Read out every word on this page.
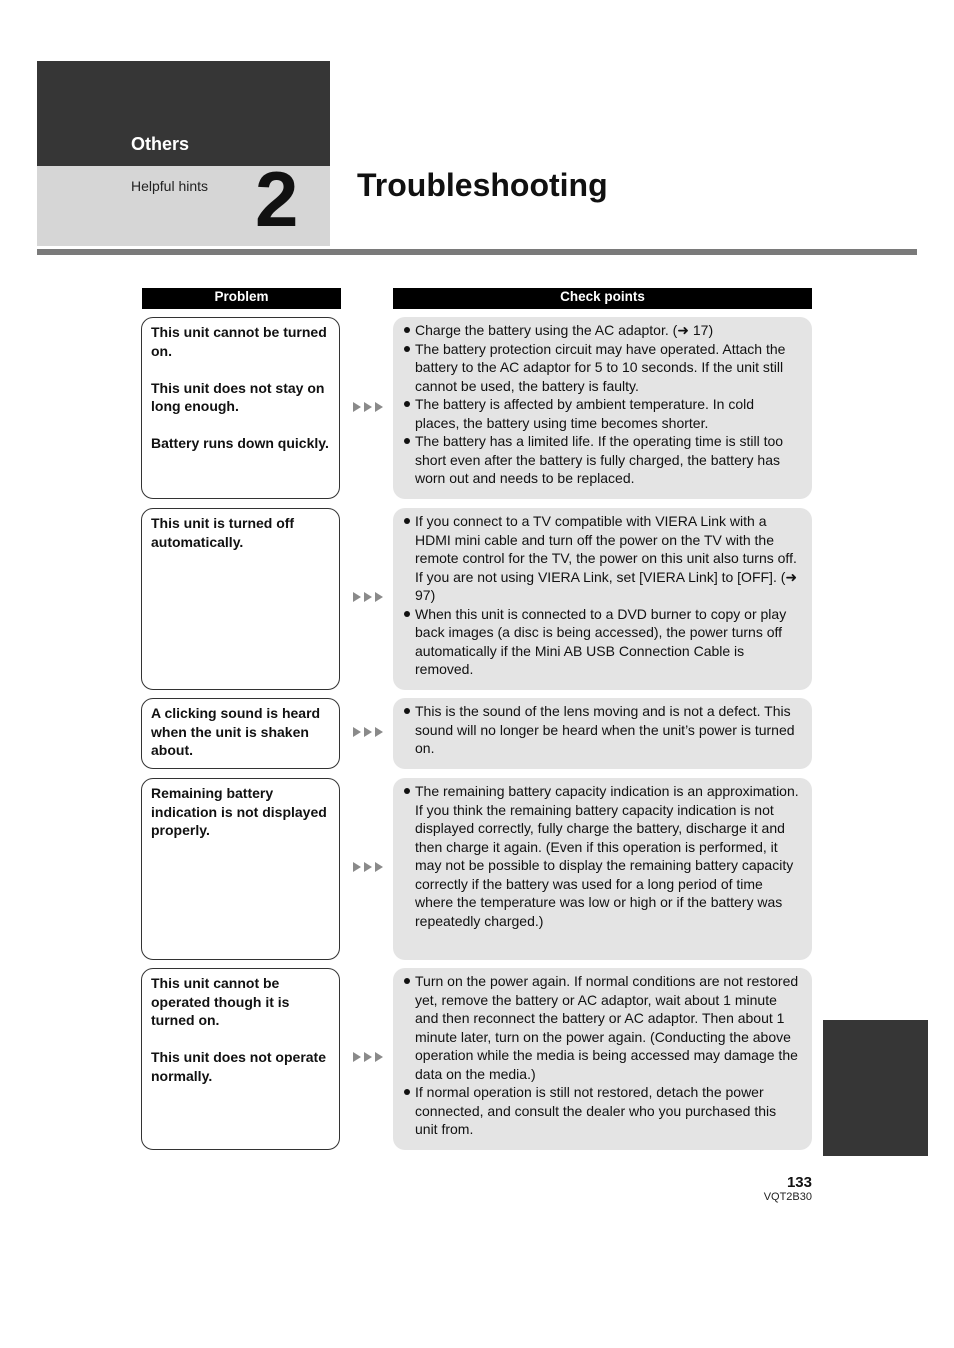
Others
Helpful hints 2 Troubleshooting
Problem	Check points

This unit cannot be turned on.

This unit does not stay on long enough.

Battery runs down quickly.

Charge the battery using the AC adaptor. (➜ 17)
The battery protection circuit may have operated. Attach the battery to the AC adaptor for 5 to 10 seconds. If the unit still cannot be used, the battery is faulty.
The battery is affected by ambient temperature. In cold places, the battery using time becomes shorter.
The battery has a limited life. If the operating time is still too short even after the battery is fully charged, the battery has worn out and needs to be replaced.

This unit is turned off automatically.

If you connect to a TV compatible with VIERA Link with a HDMI mini cable and turn off the power on the TV with the remote control for the TV, the power on this unit also turns off. If you are not using VIERA Link, set [VIERA Link] to [OFF]. (➜ 97)
When this unit is connected to a DVD burner to copy or play back images (a disc is being accessed), the power turns off automatically if the Mini AB USB Connection Cable is removed.

A clicking sound is heard when the unit is shaken about.

This is the sound of the lens moving and is not a defect. This sound will no longer be heard when the unit’s power is turned on.

Remaining battery indication is not displayed properly.

The remaining battery capacity indication is an approximation.
If you think the remaining battery capacity indication is not displayed correctly, fully charge the battery, discharge it and then charge it again. (Even if this operation is performed, it may not be possible to display the remaining battery capacity correctly if the battery was used for a long period of time where the temperature was low or high or if the battery was repeatedly charged.)

This unit cannot be operated though it is turned on.

This unit does not operate normally.

Turn on the power again. If normal conditions are not restored yet, remove the battery or AC adaptor, wait about 1 minute and then reconnect the battery or AC adaptor. Then about 1 minute later, turn on the power again. (Conducting the above operation while the media is being accessed may damage the data on the media.)
If normal operation is still not restored, detach the power connected, and consult the dealer who you purchased this unit from.
133
VQT2B30
